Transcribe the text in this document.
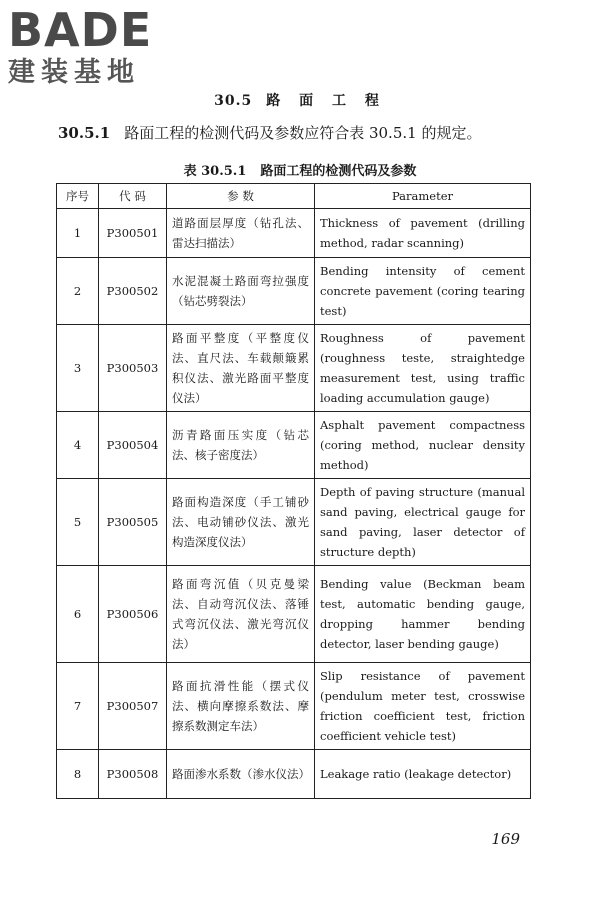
BADE
建装基地
30.5 路 面 工 程
30.5.1 路面工程的检测代码及参数应符合表 30.5.1 的规定。
表 30.5.1 路面工程的检测代码及参数
序号	代 码	参 数	Parameter
1	P300501	道路面层厚度（钻孔法、雷达扫描法）	Thickness of pavement (drilling method, radar scanning)
2	P300502	水泥混凝土路面弯拉强度（钻芯劈裂法）	Bending intensity of cement concrete pavement (coring tearing test)
3	P300503	路面平整度（平整度仪法、直尺法、车载颠簸累积仪法、激光路面平整度仪法）	Roughness of pavement (roughness teste, straightedge measurement test, using traffic loading accumulation gauge)
4	P300504	沥青路面压实度（钻芯法、核子密度法）	Asphalt pavement compactness (coring method, nuclear density method)
5	P300505	路面构造深度（手工铺砂法、电动铺砂仪法、激光构造深度仪法）	Depth of paving structure (manual sand paving, electrical gauge for sand paving, laser detector of structure depth)
6	P300506	路面弯沉值（贝克曼梁法、自动弯沉仪法、落锤式弯沉仪法、激光弯沉仪法）	Bending value (Beckman beam test, automatic bending gauge, dropping hammer bending detector, laser bending gauge)
7	P300507	路面抗滑性能（摆式仪法、横向摩擦系数法、摩擦系数测定车法）	Slip resistance of pavement (pendulum meter test, crosswise friction coefficient test, friction coefficient vehicle test)
8	P300508	路面渗水系数（渗水仪法）	Leakage ratio (leakage detector)
169
